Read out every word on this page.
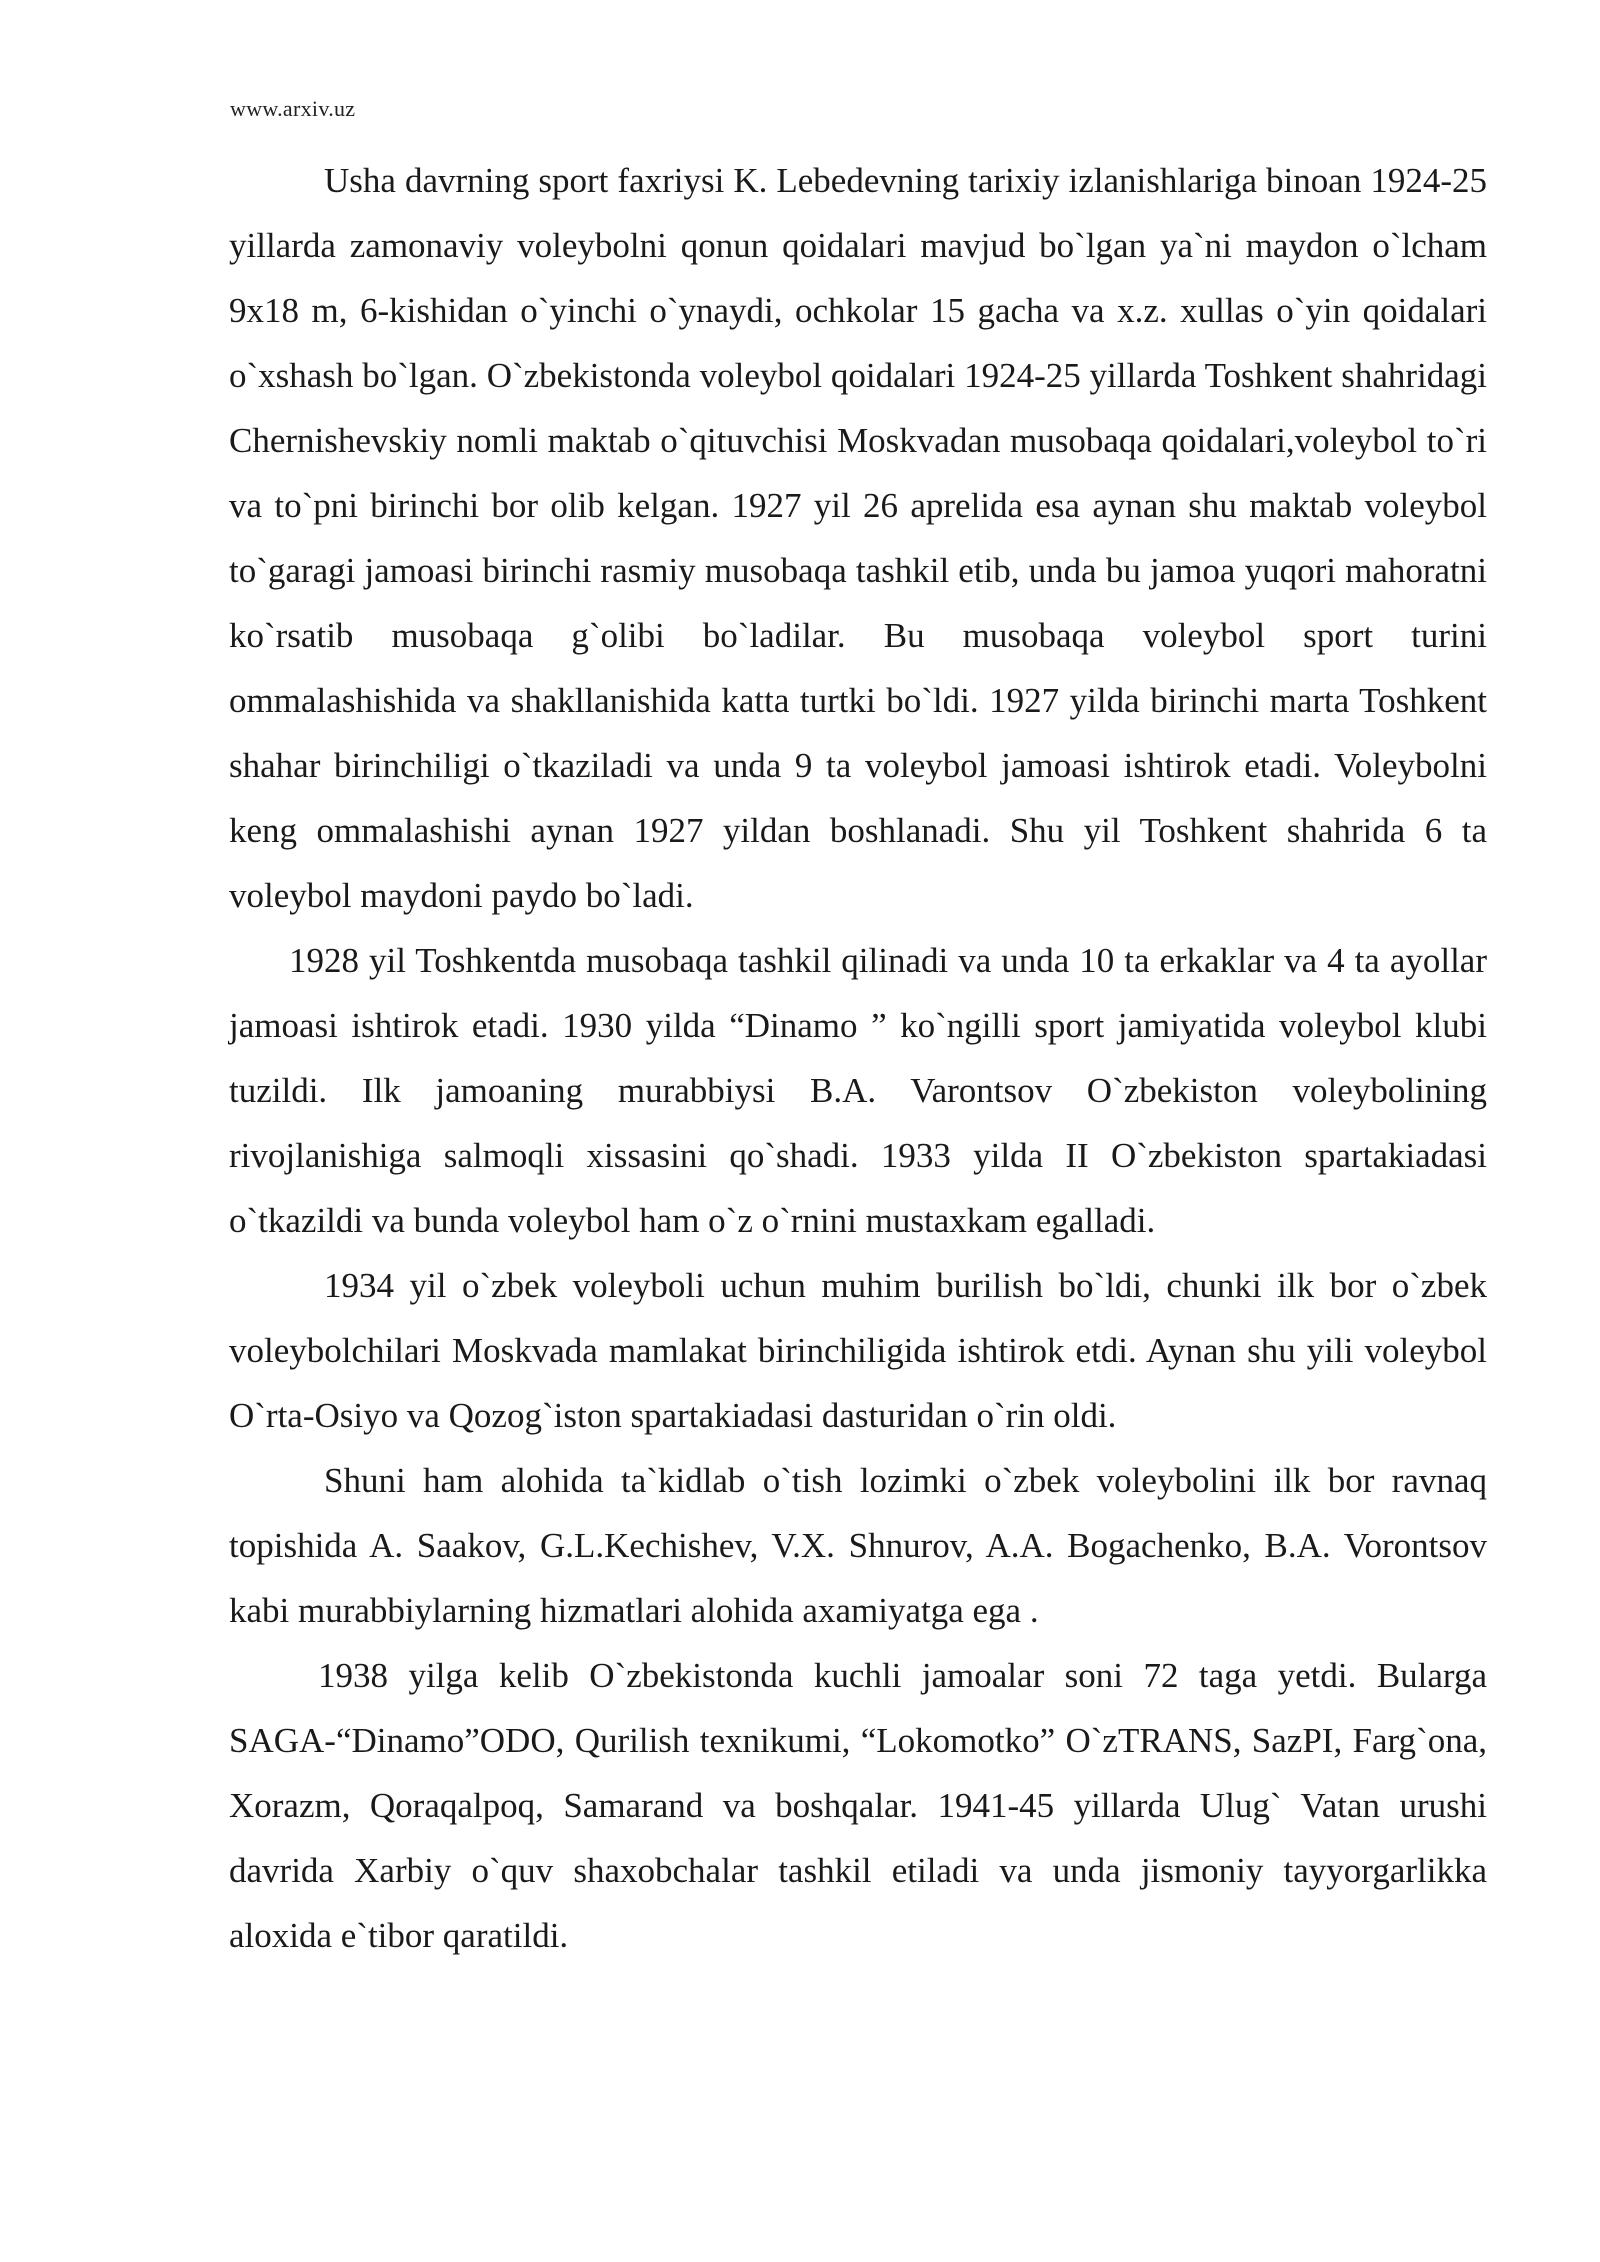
www.arxiv.uz

Usha davrning sport faxriysi K. Lebedevning tarixiy izlanishlariga binoan 1924-25 yillarda zamonaviy voleybolni qonun qoidalari mavjud bo`lgan ya`ni maydon o`lcham 9x18 m, 6-kishidan o`yinchi o`ynaydi, ochkolar 15 gacha va x.z. xullas o`yin qoidalari o`xshash bo`lgan. O`zbekistonda voleybol qoidalari 1924-25 yillarda Toshkent shahridagi Chernishevskiy nomli maktab o`qituvchisi Moskvadan musobaqa qoidalari,voleybol to`ri va to`pni birinchi bor olib kelgan. 1927 yil 26 aprelida esa aynan shu maktab voleybol to`garagi jamoasi birinchi rasmiy musobaqa tashkil etib, unda bu jamoa yuqori mahoratni ko`rsatib musobaqa g`olibi bo`ladilar. Bu musobaqa voleybol sport turini ommalashishida va shakllanishida katta turtki bo`ldi. 1927 yilda birinchi marta Toshkent shahar birinchiligi o`tkaziladi va unda 9 ta voleybol jamoasi ishtirok etadi. Voleybolni keng ommalashishi aynan 1927 yildan boshlanadi. Shu yil Toshkent shahrida 6 ta voleybol maydoni paydo bo`ladi.

1928 yil Toshkentda musobaqa tashkil qilinadi va unda 10 ta erkaklar va 4 ta ayollar jamoasi ishtirok etadi. 1930 yilda “Dinamo ” ko`ngilli sport jamiyatida voleybol klubi tuzildi. Ilk jamoaning murabbiysi B.A. Varontsov O`zbekiston voleybolining rivojlanishiga salmoqli xissasini qo`shadi. 1933 yilda II O`zbekiston spartakiadasi o`tkazildi va bunda voleybol ham o`z o`rnini mustaxkam egalladi.

1934 yil o`zbek voleyboli uchun muhim burilish bo`ldi, chunki ilk bor o`zbek voleybolchilari Moskvada mamlakat birinchiligida ishtirok etdi. Aynan shu yili voleybol O`rta-Osiyo va Qozog`iston spartakiadasi dasturidan o`rin oldi.

Shuni ham alohida ta`kidlab o`tish lozimki o`zbek voleybolini ilk bor ravnaq topishida A. Saakov, G.L.Kechishev, V.X. Shnurov, A.A. Bogachenko, B.A. Vorontsov kabi murabbiylarning hizmatlari alohida axamiyatga ega .

1938 yilga kelib O`zbekistonda kuchli jamoalar soni 72 taga yetdi. Bularga SAGA-“Dinamo”ODO, Qurilish texnikumi, “Lokomotko” O`zTRANS, SazPI, Farg`ona, Xorazm, Qoraqalpoq, Samarand va boshqalar. 1941-45 yillarda Ulug` Vatan urushi davrida Xarbiy o`quv shaxobchalar tashkil etiladi va unda jismoniy tayyorgarlikka aloxida e`tibor qaratildi.
